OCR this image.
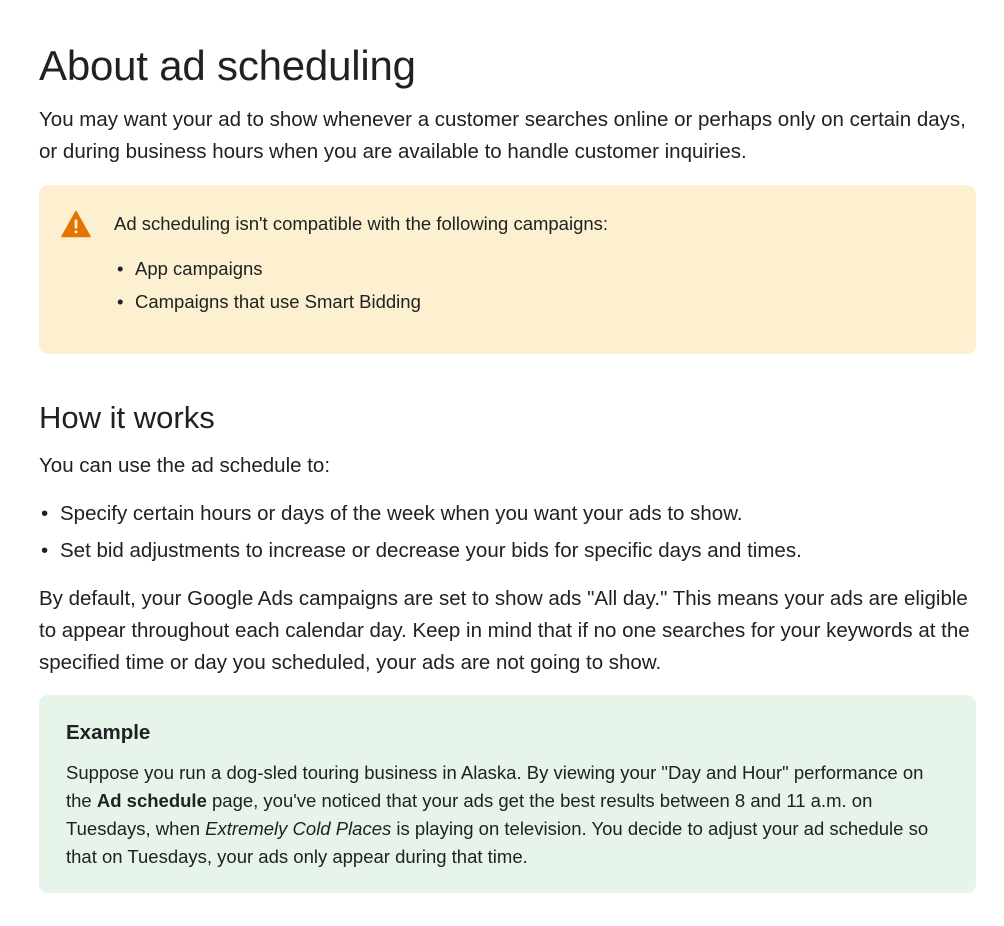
About ad scheduling

You may want your ad to show whenever a customer searches online or perhaps only on certain days, or during business hours when you are available to handle customer inquiries.

Ad scheduling isn't compatible with the following campaigns:

• App campaigns
• Campaigns that use Smart Bidding
How it works

You can use the ad schedule to:

• Specify certain hours or days of the week when you want your ads to show.
• Set bid adjustments to increase or decrease your bids for specific days and times.

By default, your Google Ads campaigns are set to show ads "All day." This means your ads are eligible to appear throughout each calendar day. Keep in mind that if no one searches for your keywords at the specified time or day you scheduled, your ads are not going to show.

Example

Suppose you run a dog-sled touring business in Alaska. By viewing your "Day and Hour" performance on the Ad schedule page, you've noticed that your ads get the best results between 8 and 11 a.m. on Tuesdays, when Extremely Cold Places is playing on television. You decide to adjust your ad schedule so that on Tuesdays, your ads only appear during that time.
